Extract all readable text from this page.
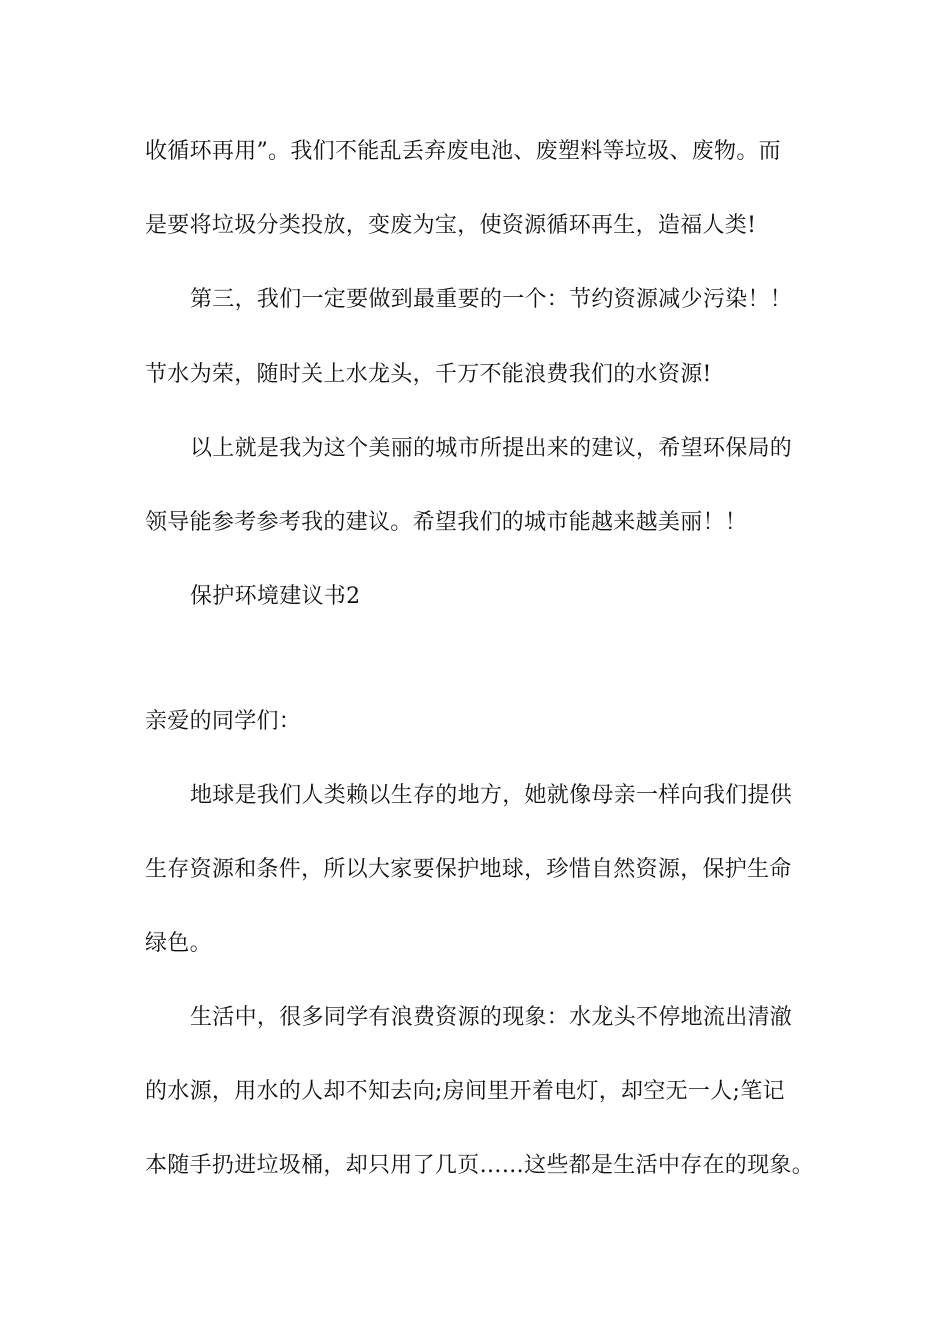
收循环再用”。我们不能乱丢弃废电池、废塑料等垃圾、废物。而
是要将垃圾分类投放，变废为宝，使资源循环再生，造福人类!
第三，我们一定要做到最重要的一个：节约资源减少污染！！
节水为荣，随时关上水龙头，千万不能浪费我们的水资源!
以上就是我为这个美丽的城市所提出来的建议，希望环保局的
领导能参考参考我的建议。希望我们的城市能越来越美丽！！
保护环境建议书2
亲爱的同学们：
地球是我们人类赖以生存的地方，她就像母亲一样向我们提供
生存资源和条件，所以大家要保护地球，珍惜自然资源，保护生命
绿色。
生活中，很多同学有浪费资源的现象：水龙头不停地流出清澈
的水源，用水的人却不知去向;房间里开着电灯，却空无一人;笔记
本随手扔进垃圾桶，却只用了几页……这些都是生活中存在的现象。
